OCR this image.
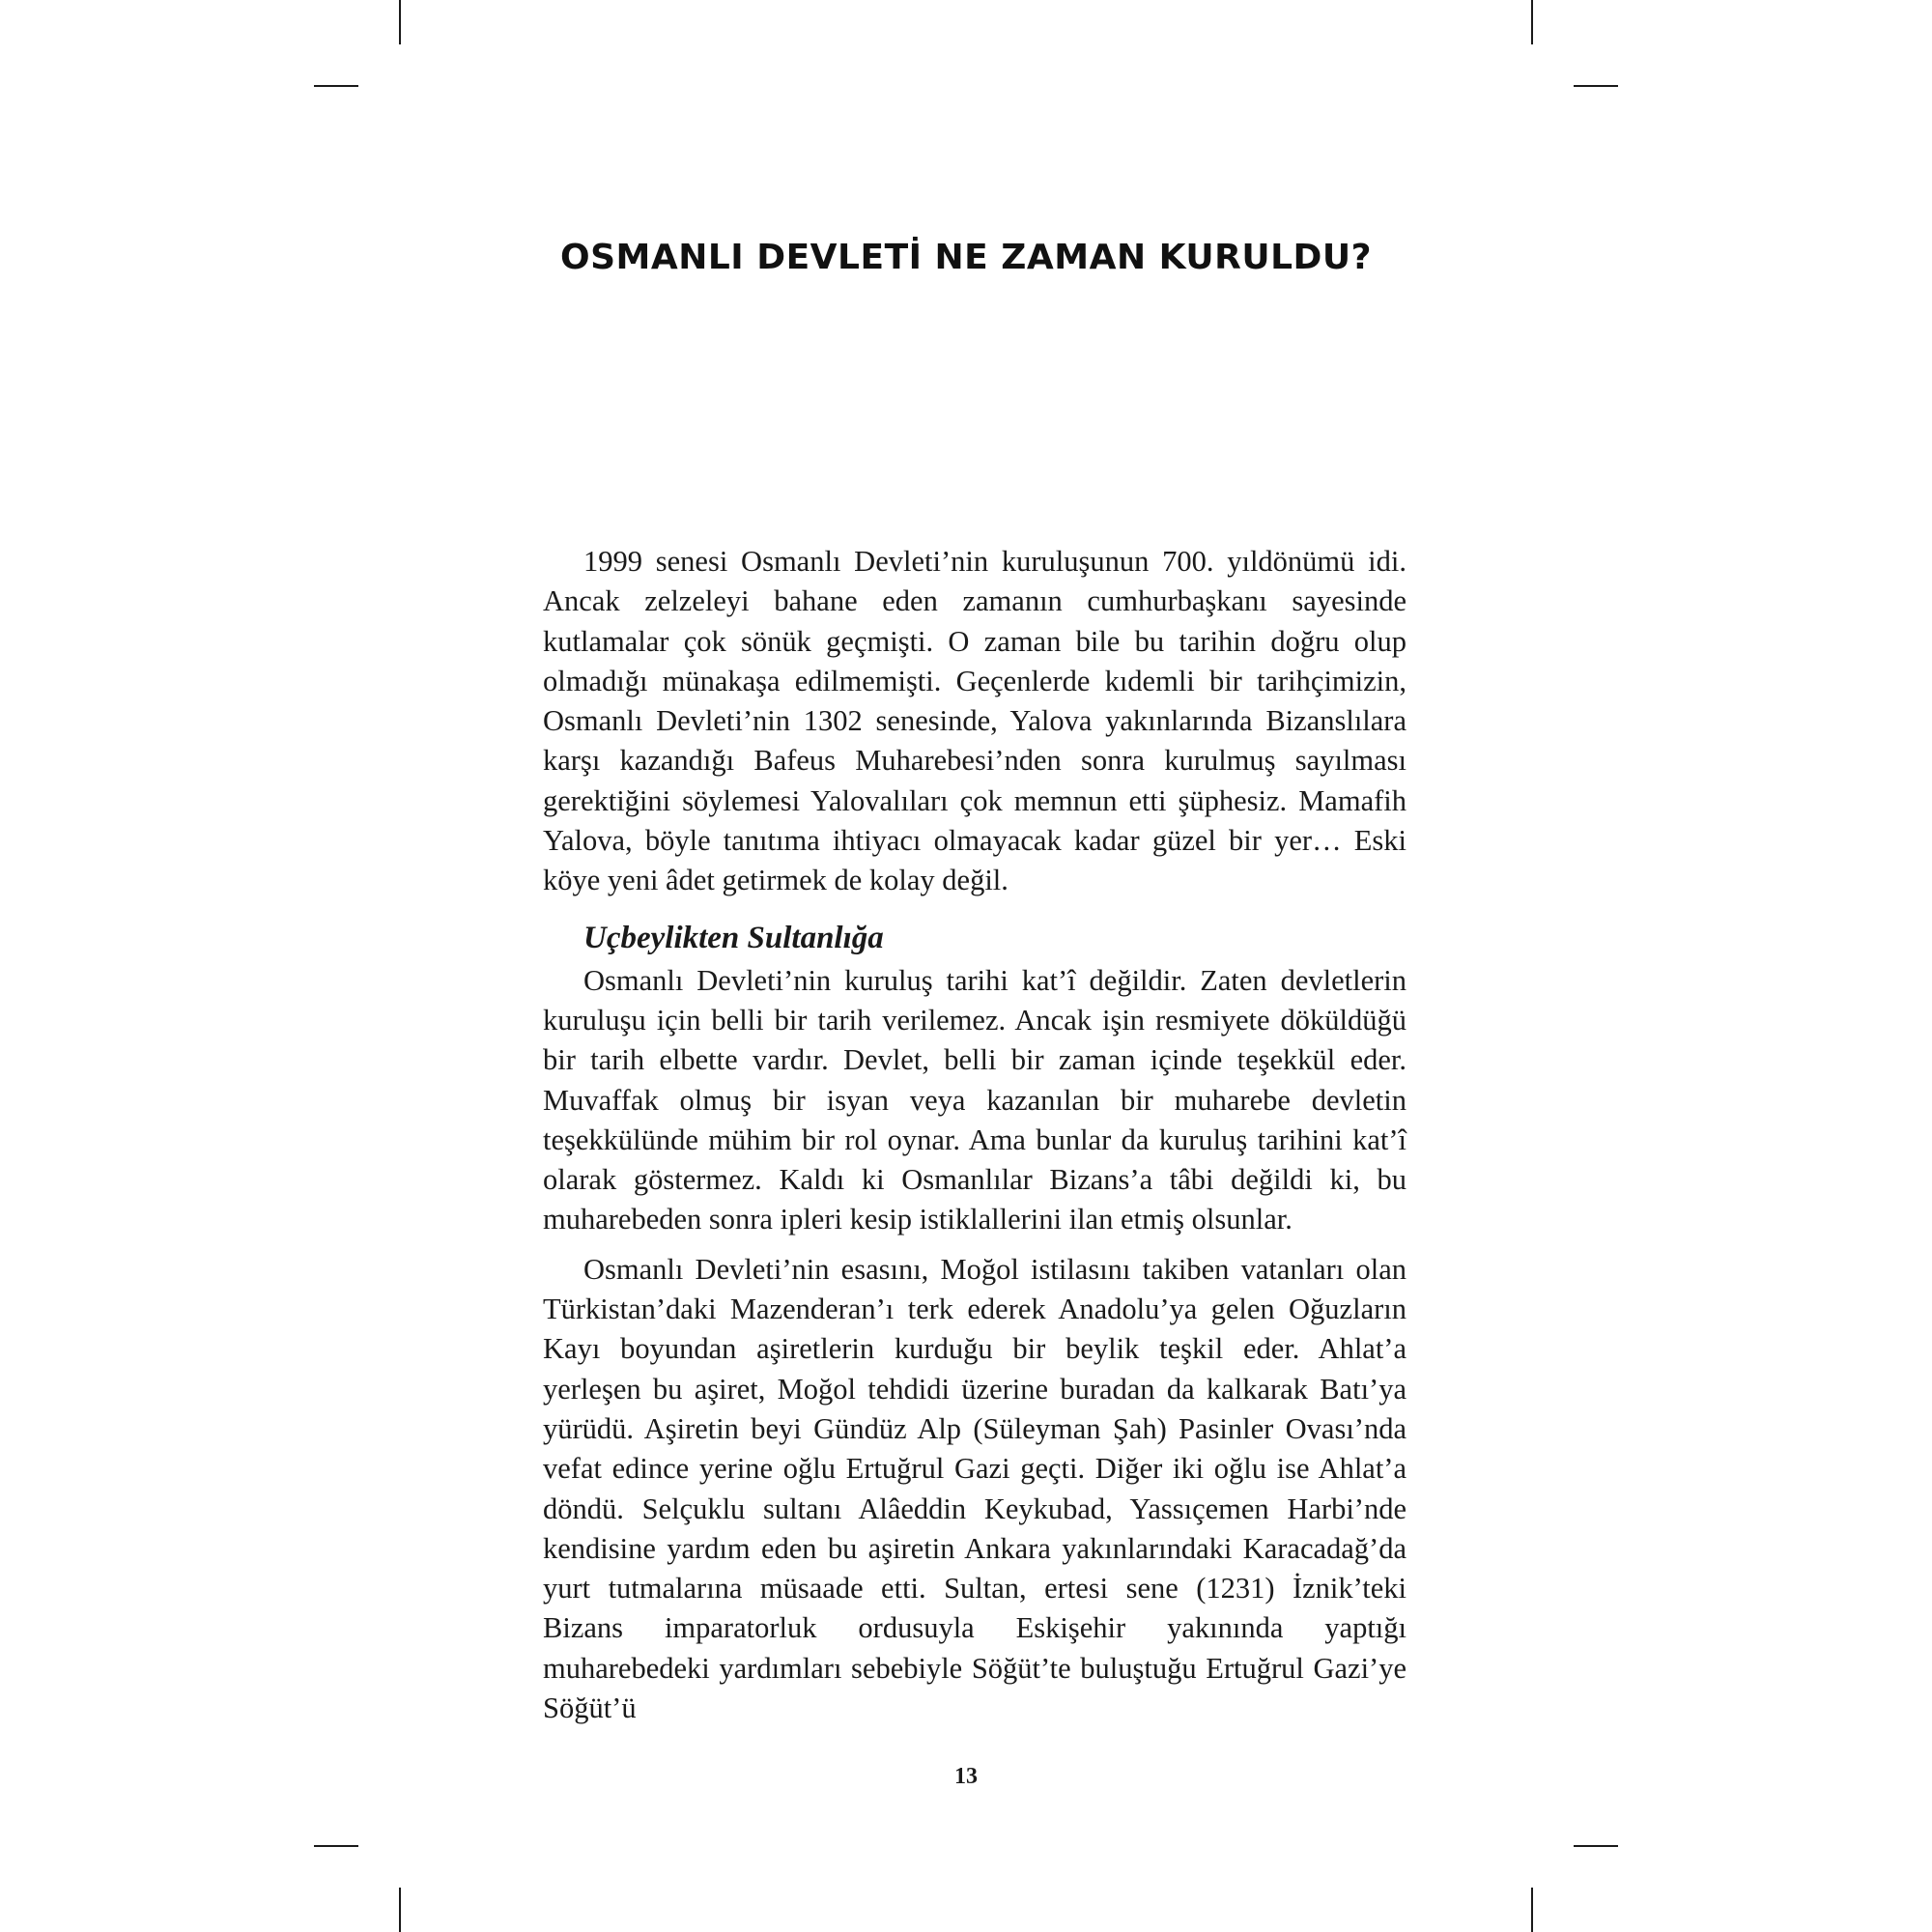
OSMANLI DEVLETİ NE ZAMAN KURULDU?

1999 senesi Osmanlı Devleti’nin kuruluşunun 700. yıldönümü idi. Ancak zelzeleyi bahane eden zamanın cumhurbaşkanı sayesinde kutlamalar çok sönük geçmişti. O zaman bile bu tarihin doğru olup olmadığı münakaşa edilmemişti. Geçenlerde kıdemli bir tarihçimizin, Osmanlı Devleti’nin 1302 senesinde, Yalova yakınlarında Bizanslılara karşı kazandığı Bafeus Muharebesi’nden sonra kurulmuş sayılması gerektiğini söylemesi Yalovalıları çok memnun etti şüphesiz. Mamafih Yalova, böyle tanıtıma ihtiyacı olmayacak kadar güzel bir yer… Eski köye yeni âdet getirmek de kolay değil.

Uçbeylikten Sultanlığa

Osmanlı Devleti’nin kuruluş tarihi kat’î değildir. Zaten devletlerin kuruluşu için belli bir tarih verilemez. Ancak işin resmiyete döküldüğü bir tarih elbette vardır. Devlet, belli bir zaman içinde teşekkül eder. Muvaffak olmuş bir isyan veya kazanılan bir muharebe devletin teşekkülünde mühim bir rol oynar. Ama bunlar da kuruluş tarihini kat’î olarak göstermez. Kaldı ki Osmanlılar Bizans’a tâbi değildi ki, bu muharebeden sonra ipleri kesip istiklallerini ilan etmiş olsunlar.

Osmanlı Devleti’nin esasını, Moğol istilasını takiben vatanları olan Türkistan’daki Mazenderan’ı terk ederek Anadolu’ya gelen Oğuzların Kayı boyundan aşiretlerin kurduğu bir beylik teşkil eder. Ahlat’a yerleşen bu aşiret, Moğol tehdidi üzerine buradan da kalkarak Batı’ya yürüdü. Aşiretin beyi Gündüz Alp (Süleyman Şah) Pasinler Ovası’nda vefat edince yerine oğlu Ertuğrul Gazi geçti. Diğer iki oğlu ise Ahlat’a döndü. Selçuklu sultanı Alâeddin Keykubad, Yassıçemen Harbi’nde kendisine yardım eden bu aşiretin Ankara yakınlarındaki Karacadağ’da yurt tutmalarına müsaade etti. Sultan, ertesi sene (1231) İznik’teki Bizans imparatorluk ordusuyla Eskişehir yakınında yaptığı muharebedeki yardımları sebebiyle Söğüt’te buluştuğu Ertuğrul Gazi’ye Söğüt’ü

13
